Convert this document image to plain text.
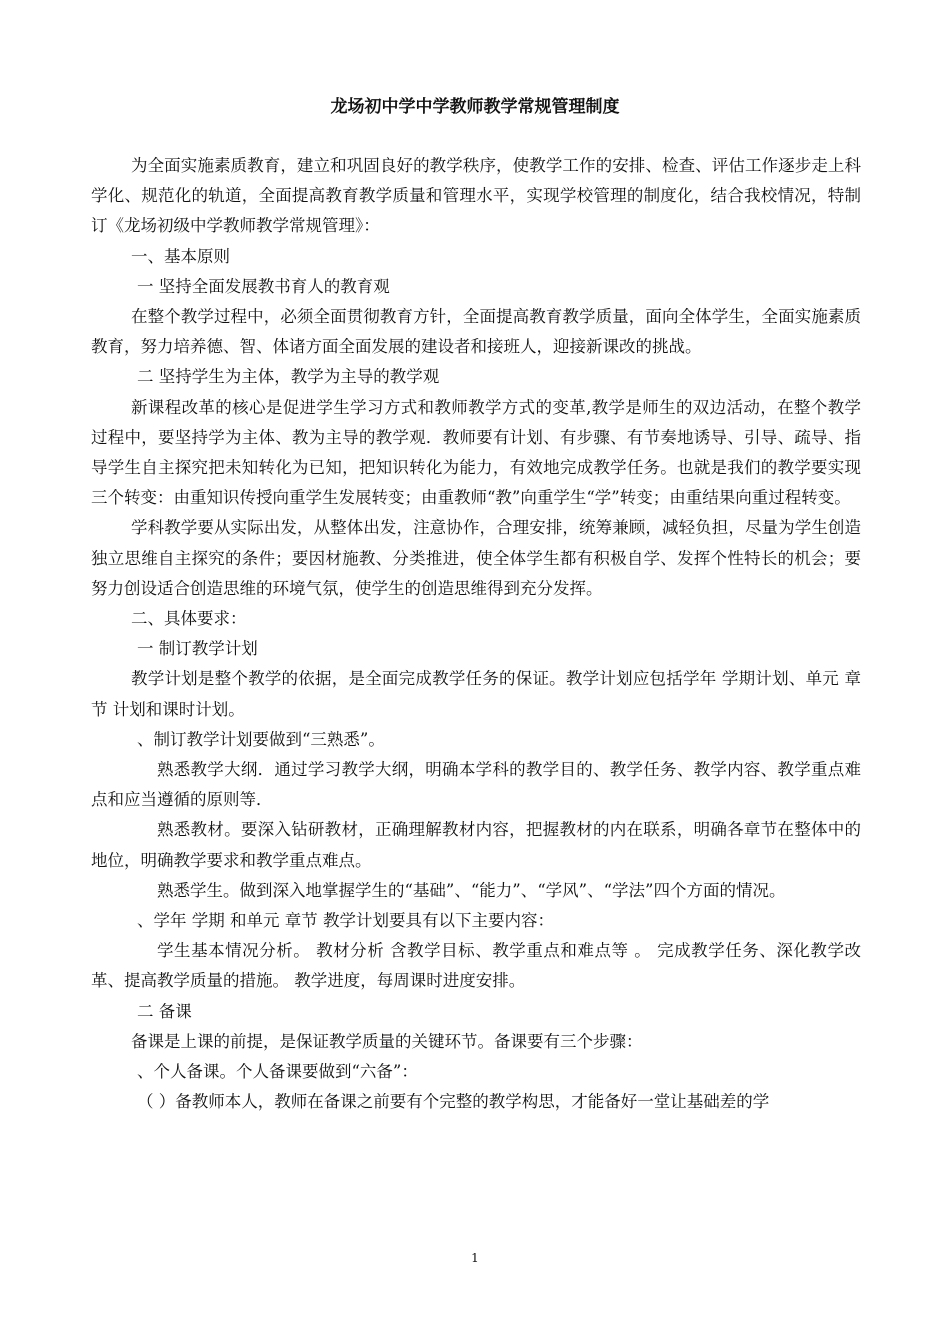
龙场初中学中学教师教学常规管理制度

为全面实施素质教育，建立和巩固良好的教学秩序，使教学工作的安排、检查、评估工作逐步走上科学化、规范化的轨道，全面提高教育教学质量和管理水平，实现学校管理的制度化，结合我校情况，特制订《龙场初级中学教师教学常规管理》：

一、基本原则

一 坚持全面发展教书育人的教育观

在整个教学过程中，必须全面贯彻教育方针，全面提高教育教学质量，面向全体学生，全面实施素质教育，努力培养德、智、体诸方面全面发展的建设者和接班人，迎接新课改的挑战。

二 坚持学生为主体，教学为主导的教学观

新课程改革的核心是促进学生学习方式和教师教学方式的变革,教学是师生的双边活动，在整个教学过程中，要坚持学为主体、教为主导的教学观．教师要有计划、有步骤、有节奏地诱导、引导、疏导、指导学生自主探究把未知转化为已知，把知识转化为能力，有效地完成教学任务。也就是我们的教学要实现三个转变：由重知识传授向重学生发展转变；由重教师“教”向重学生“学”转变；由重结果向重过程转变。

学科教学要从实际出发，从整体出发，注意协作，合理安排，统筹兼顾，减轻负担，尽量为学生创造独立思维自主探究的条件；要因材施教、分类推进，使全体学生都有积极自学、发挥个性特长的机会；要努力创设适合创造思维的环境气氛，使学生的创造思维得到充分发挥。

二、具体要求：

一 制订教学计划

教学计划是整个教学的依据，是全面完成教学任务的保证。教学计划应包括学年 学期计划、单元 章节 计划和课时计划。

、制订教学计划要做到“三熟悉”。

熟悉教学大纲．通过学习教学大纲，明确本学科的教学目的、教学任务、教学内容、教学重点难点和应当遵循的原则等．

熟悉教材。要深入钻研教材，正确理解教材内容，把握教材的内在联系，明确各章节在整体中的地位，明确教学要求和教学重点难点。

熟悉学生。做到深入地掌握学生的“基础”、“能力”、“学风”、“学法”四个方面的情况。

、学年 学期 和单元 章节 教学计划要具有以下主要内容：

学生基本情况分析。 教材分析 含教学目标、教学重点和难点等 。 完成教学任务、深化教学改革、提高教学质量的措施。 教学进度，每周课时进度安排。

二 备课

备课是上课的前提，是保证教学质量的关键环节。备课要有三个步骤：

、个人备课。个人备课要做到“六备”：

（ ）备教师本人，教师在备课之前要有个完整的教学构思，才能备好一堂让基础差的学

1
